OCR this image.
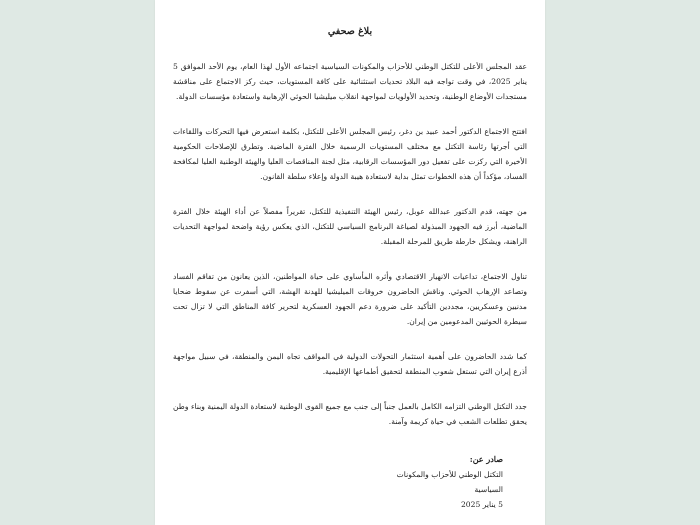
بلاغ صحفي

عقد المجلس الأعلى للتكتل الوطني للأحزاب والمكونات السياسية اجتماعه الأول لهذا العام، يوم الأحد الموافق 5 يناير 2025، في وقت تواجه فيه البلاد تحديات استثنائية على كافة المستويات، حيث ركز الاجتماع على مناقشة مستجدات الأوضاع الوطنية، وتحديد الأولويات لمواجهة انقلاب ميليشيا الحوثي الإرهابية واستعادة مؤسسات الدولة.

افتتح الاجتماع الدكتور أحمد عبيد بن دغر، رئيس المجلس الأعلى للتكتل، بكلمة استعرض فيها التحركات واللقاءات التي أجرتها رئاسة التكتل مع مختلف المستويات الرسمية خلال الفترة الماضية. وتطرق للإصلاحات الحكومية الأخيرة التي ركزت على تفعيل دور المؤسسات الرقابية، مثل لجنة المناقصات العليا والهيئة الوطنية العليا لمكافحة الفساد، مؤكداً أن هذه الخطوات تمثل بداية لاستعادة هيبة الدولة وإعلاء سلطة القانون.

من جهته، قدم الدكتور عبدالله عوبل، رئيس الهيئة التنفيذية للتكتل، تقريراً مفصلاً عن أداء الهيئة خلال الفترة الماضية، أبرز فيه الجهود المبذولة لصياغة البرنامج السياسي للتكتل، الذي يعكس رؤية واضحة لمواجهة التحديات الراهنة، ويشكل خارطة طريق للمرحلة المقبلة.

تناول الاجتماع، تداعيات الانهيار الاقتصادي وأثره المأساوي على حياة المواطنين، الذين يعانون من تفاقم الفساد وتصاعد الإرهاب الحوثي. وناقش الحاضرون خروقات الميليشيا للهدنة الهشة، التي أسفرت عن سقوط ضحايا مدنيين وعسكريين، مجددين التأكيد على ضرورة دعم الجهود العسكرية لتحرير كافة المناطق التي لا تزال تحت سيطرة الحوثيين المدعومين من إيران.

كما شدد الحاضرون على أهمية استثمار التحولات الدولية في المواقف تجاه اليمن والمنطقة، في سبيل مواجهة أذرع إيران التي تستغل شعوب المنطقة لتحقيق أطماعها الإقليمية.

جدد التكتل الوطني التزامه الكامل بالعمل جنباً إلى جنب مع جميع القوى الوطنية لاستعادة الدولة اليمنية وبناء وطن يحقق تطلعات الشعب في حياة كريمة وآمنة.

صادر عن:
التكتل الوطني للأحزاب والمكونات السياسية
5 يناير 2025
